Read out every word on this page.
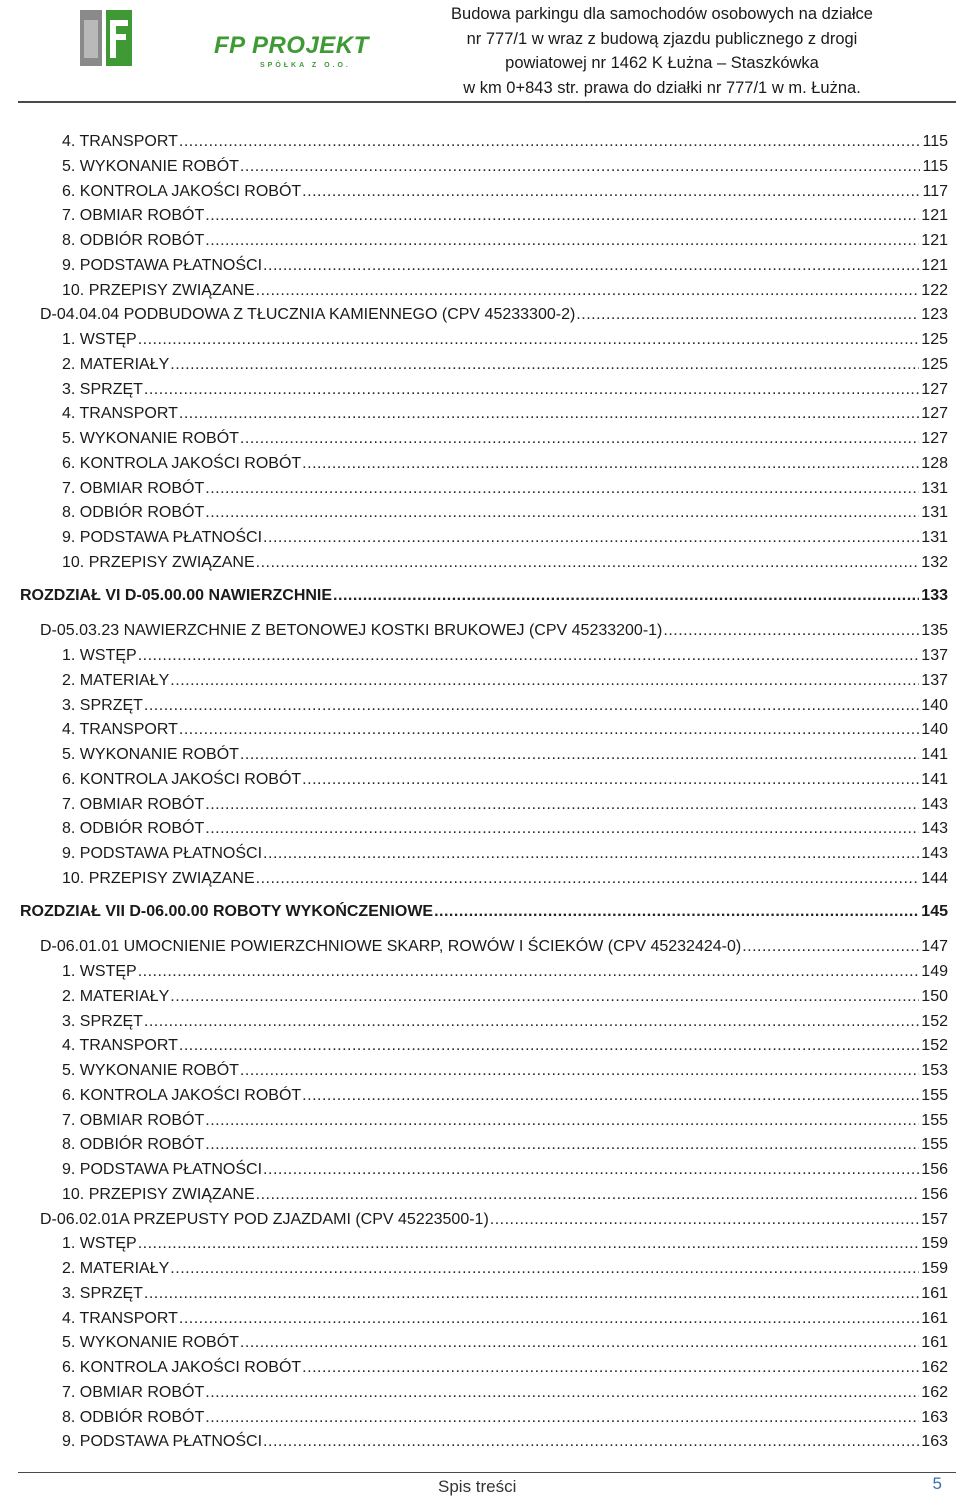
FP PROJEKT
SPÓŁKA Z O.O.
Budowa parkingu dla samochodów osobowych na działce
nr 777/1 w wraz z budową zjazdu publicznego z drogi
powiatowej nr 1462 K Łużna – Staszkówka
w km 0+843 str. prawa do działki nr 777/1 w m. Łużna.
4. TRANSPORT .....	115
5. WYKONANIE ROBÓT .....	115
6. KONTROLA JAKOŚCI ROBÓT .....	117
7. OBMIAR ROBÓT .....	121
8. ODBIÓR ROBÓT .....	121
9. PODSTAWA PŁATNOŚCI .....	121
10. PRZEPISY ZWIĄZANE .....	122
D-04.04.04 PODBUDOWA Z TŁUCZNIA KAMIENNEGO (CPV 45233300-2) .....	123
1. WSTĘP .....	125
2. MATERIAŁY .....	125
3. SPRZĘT .....	127
4. TRANSPORT .....	127
5. WYKONANIE ROBÓT .....	127
6. KONTROLA JAKOŚCI ROBÓT .....	128
7. OBMIAR ROBÓT .....	131
8. ODBIÓR ROBÓT .....	131
9. PODSTAWA PŁATNOŚCI .....	131
10. PRZEPISY ZWIĄZANE .....	132
ROZDZIAŁ VI D-05.00.00 NAWIERZCHNIE .....	133
D-05.03.23 NAWIERZCHNIE Z BETONOWEJ KOSTKI BRUKOWEJ (CPV 45233200-1) .....	135
1. WSTĘP .....	137
2. MATERIAŁY .....	137
3. SPRZĘT .....	140
4. TRANSPORT .....	140
5. WYKONANIE ROBÓT .....	141
6. KONTROLA JAKOŚCI ROBÓT .....	141
7. OBMIAR ROBÓT .....	143
8. ODBIÓR ROBÓT .....	143
9. PODSTAWA PŁATNOŚCI .....	143
10. PRZEPISY ZWIĄZANE .....	144
ROZDZIAŁ VII D-06.00.00 ROBOTY WYKOŃCZENIOWE .....	145
D-06.01.01 UMOCNIENIE POWIERZCHNIOWE SKARP, ROWÓW I ŚCIEKÓW (CPV 45232424-0) .....	147
1. WSTĘP .....	149
2. MATERIAŁY .....	150
3. SPRZĘT .....	152
4. TRANSPORT .....	152
5. WYKONANIE ROBÓT .....	153
6. KONTROLA JAKOŚCI ROBÓT .....	155
7. OBMIAR ROBÓT .....	155
8. ODBIÓR ROBÓT .....	155
9. PODSTAWA PŁATNOŚCI .....	156
10. PRZEPISY ZWIĄZANE .....	156
D-06.02.01A PRZEPUSTY POD ZJAZDAMI (CPV 45223500-1) .....	157
1. WSTĘP .....	159
2. MATERIAŁY .....	159
3. SPRZĘT .....	161
4. TRANSPORT .....	161
5. WYKONANIE ROBÓT .....	161
6. KONTROLA JAKOŚCI ROBÓT .....	162
7. OBMIAR ROBÓT .....	162
8. ODBIÓR ROBÓT .....	163
9. PODSTAWA PŁATNOŚCI .....	163
Spis treści	5
